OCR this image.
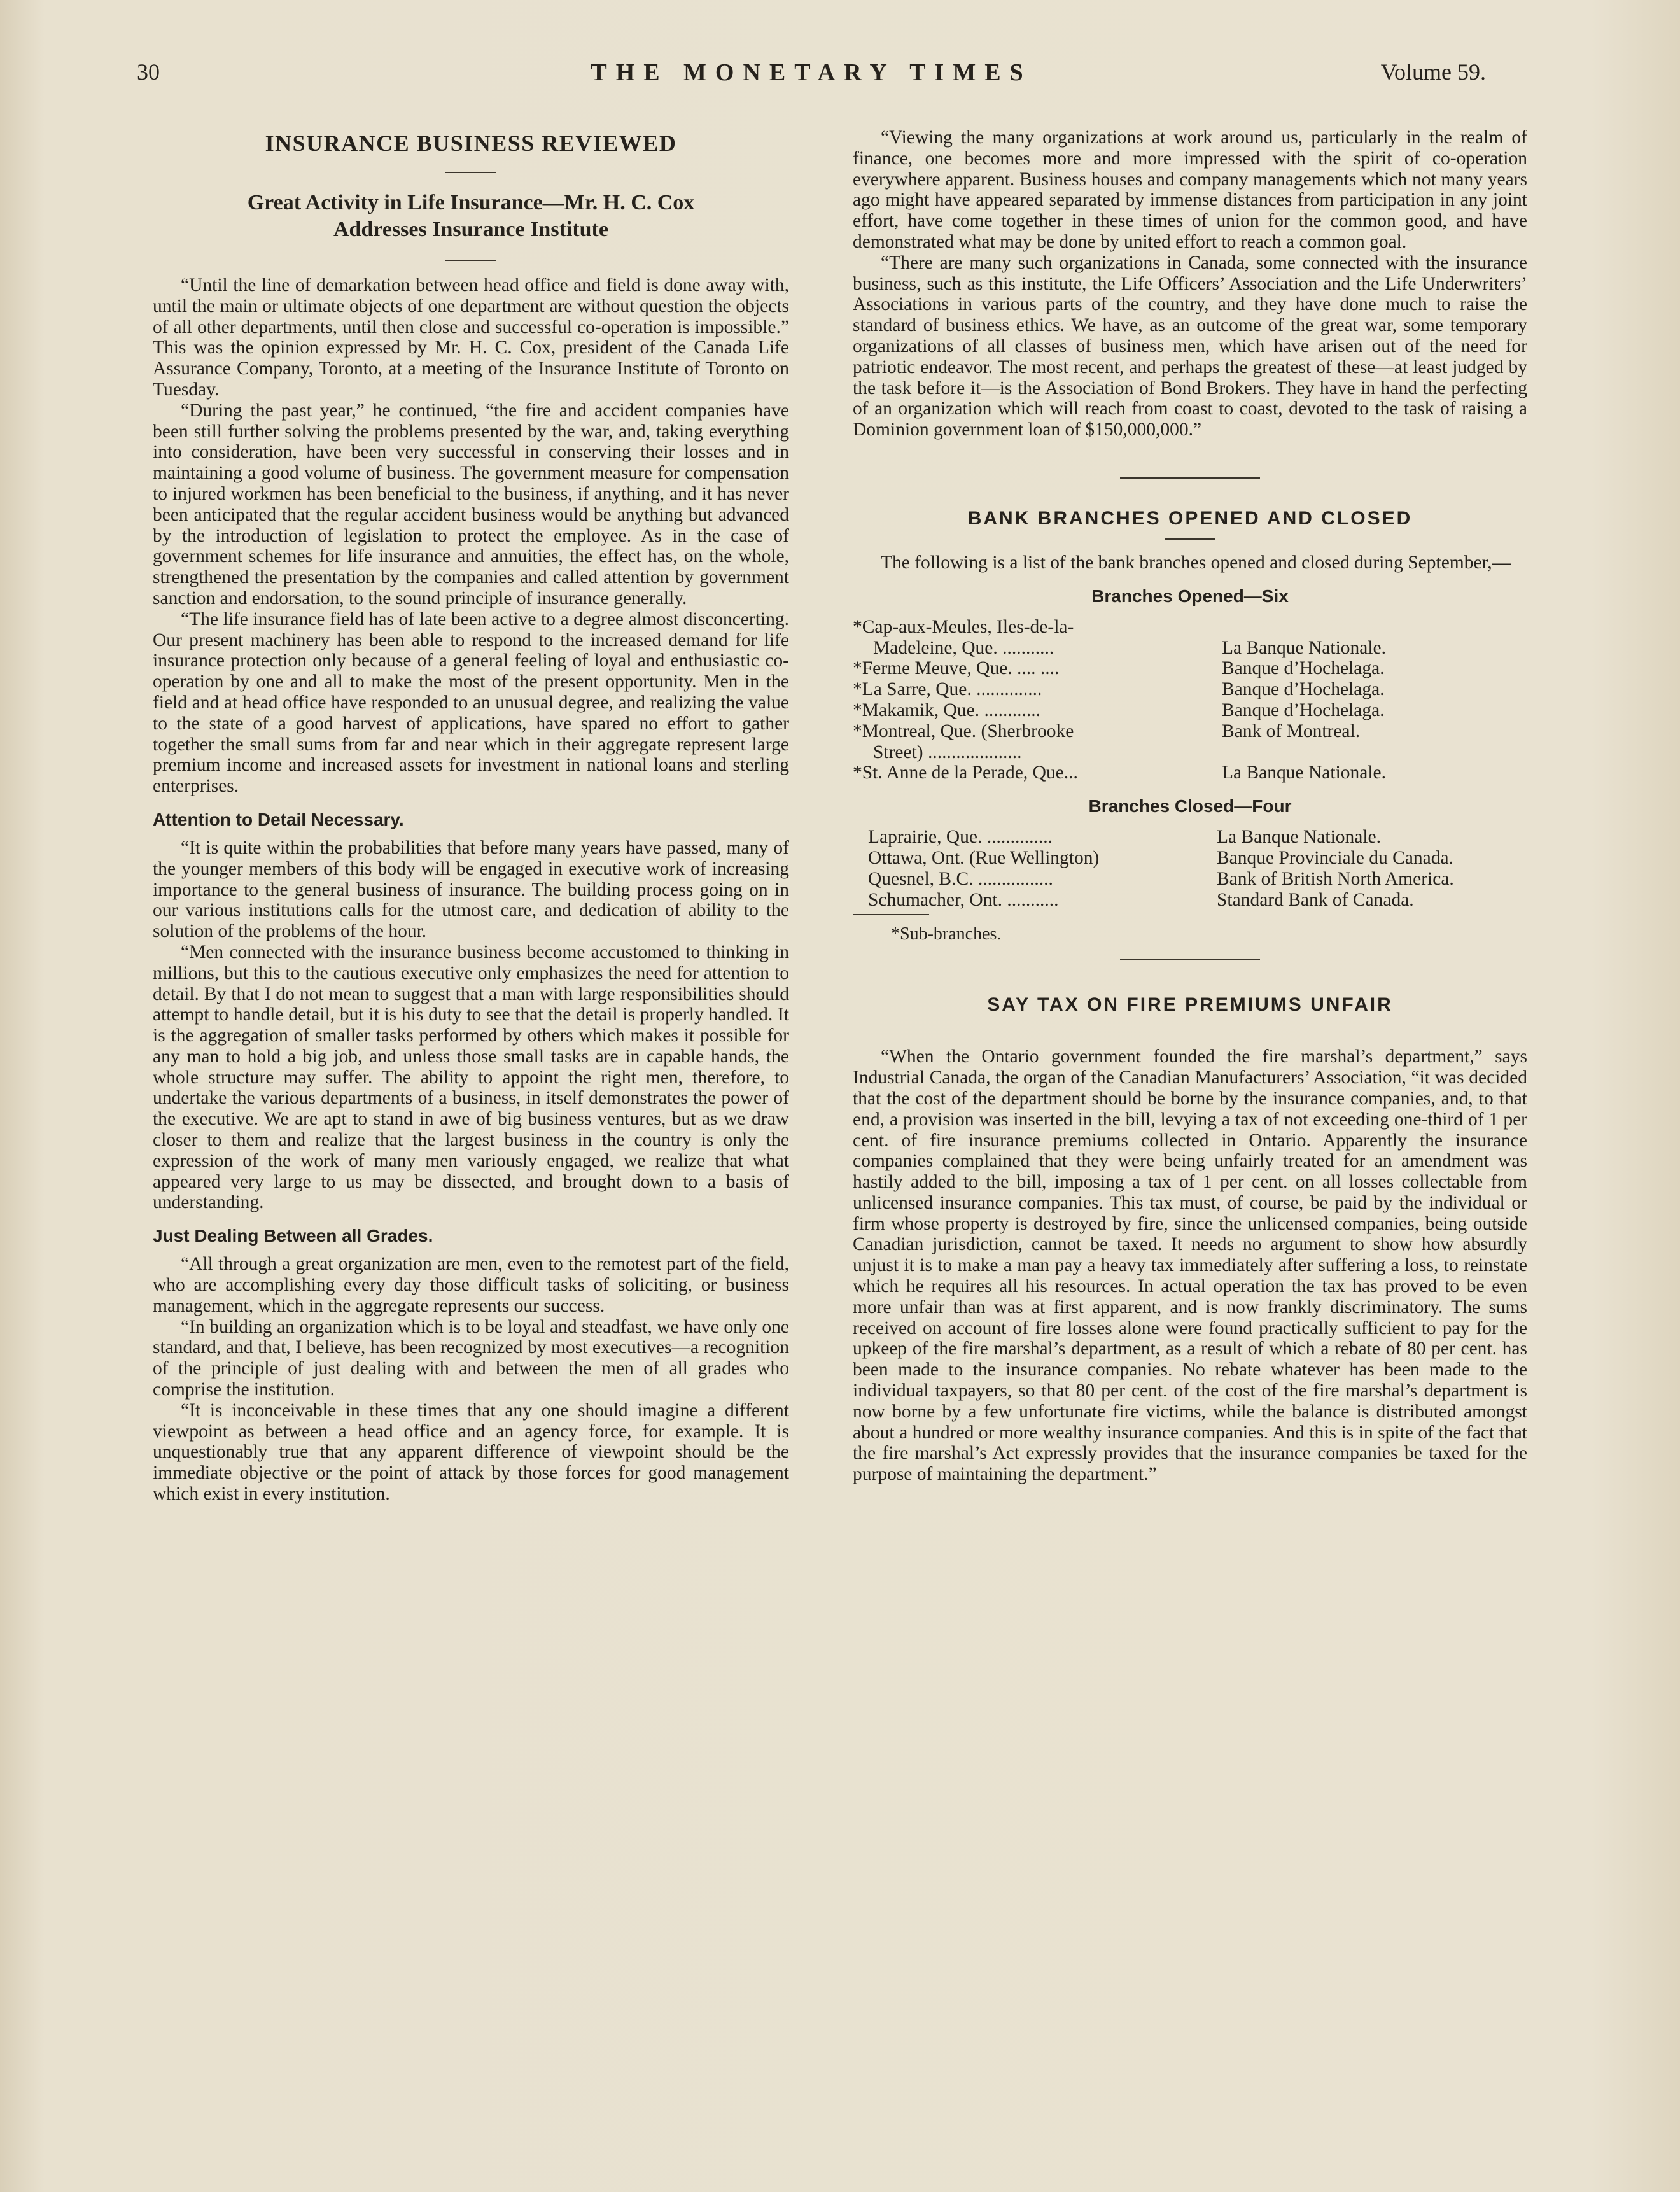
30	THE MONETARY TIMES	Volume 59.
INSURANCE BUSINESS REVIEWED
Great Activity in Life Insurance—Mr. H. C. Cox
Addresses Insurance Institute

“Until the line of demarkation between head office and field is done away with, until the main or ultimate objects of one department are without question the objects of all other departments, until then close and successful co-operation is impossible.” This was the opinion expressed by Mr. H. C. Cox, president of the Canada Life Assurance Company, Toronto, at a meeting of the Insurance Institute of Toronto on Tuesday.

“During the past year,” he continued, “the fire and accident companies have been still further solving the problems presented by the war, and, taking everything into consideration, have been very successful in conserving their losses and in maintaining a good volume of business. The government measure for compensation to injured workmen has been beneficial to the business, if anything, and it has never been anticipated that the regular accident business would be anything but advanced by the introduction of legislation to protect the employee. As in the case of government schemes for life insurance and annuities, the effect has, on the whole, strengthened the presentation by the companies and called attention by government sanction and endorsation, to the sound principle of insurance generally.

“The life insurance field has of late been active to a degree almost disconcerting. Our present machinery has been able to respond to the increased demand for life insurance protection only because of a general feeling of loyal and enthusiastic co-operation by one and all to make the most of the present opportunity. Men in the field and at head office have responded to an unusual degree, and realizing the value to the state of a good harvest of applications, have spared no effort to gather together the small sums from far and near which in their aggregate represent large premium income and increased assets for investment in national loans and sterling enterprises.

Attention to Detail Necessary.

“It is quite within the probabilities that before many years have passed, many of the younger members of this body will be engaged in executive work of increasing importance to the general business of insurance. The building process going on in our various institutions calls for the utmost care, and dedication of ability to the solution of the problems of the hour.

“Men connected with the insurance business become accustomed to thinking in millions, but this to the cautious executive only emphasizes the need for attention to detail. By that I do not mean to suggest that a man with large responsibilities should attempt to handle detail, but it is his duty to see that the detail is properly handled. It is the aggregation of smaller tasks performed by others which makes it possible for any man to hold a big job, and unless those small tasks are in capable hands, the whole structure may suffer. The ability to appoint the right men, therefore, to undertake the various departments of a business, in itself demonstrates the power of the executive. We are apt to stand in awe of big business ventures, but as we draw closer to them and realize that the largest business in the country is only the expression of the work of many men variously engaged, we realize that what appeared very large to us may be dissected, and brought down to a basis of understanding.

Just Dealing Between all Grades.

“All through a great organization are men, even to the remotest part of the field, who are accomplishing every day those difficult tasks of soliciting, or business management, which in the aggregate represents our success.

“In building an organization which is to be loyal and steadfast, we have only one standard, and that, I believe, has been recognized by most executives—a recognition of the principle of just dealing with and between the men of all grades who comprise the institution.

“It is inconceivable in these times that any one should imagine a different viewpoint as between a head office and an agency force, for example. It is unquestionably true that any apparent difference of viewpoint should be the immediate objective or the point of attack by those forces for good management which exist in every institution.

“Viewing the many organizations at work around us, particularly in the realm of finance, one becomes more and more impressed with the spirit of co-operation everywhere apparent. Business houses and company managements which not many years ago might have appeared separated by immense distances from participation in any joint effort, have come together in these times of union for the common good, and have demonstrated what may be done by united effort to reach a common goal.

“There are many such organizations in Canada, some connected with the insurance business, such as this institute, the Life Officers’ Association and the Life Underwriters’ Associations in various parts of the country, and they have done much to raise the standard of business ethics. We have, as an outcome of the great war, some temporary organizations of all classes of business men, which have arisen out of the need for patriotic endeavor. The most recent, and perhaps the greatest of these—at least judged by the task before it—is the Association of Bond Brokers. They have in hand the perfecting of an organization which will reach from coast to coast, devoted to the task of raising a Dominion government loan of $150,000,000.”

BANK BRANCHES OPENED AND CLOSED

The following is a list of the bank branches opened and closed during September,—

Branches Opened—Six
*Cap-aux-Meules, Iles-de-la-	
Madeleine, Que. ...........	La Banque Nationale.
*Ferme Meuve, Que. .... ....	Banque d’Hochelaga.
*La Sarre, Que. ..............	Banque d’Hochelaga.
*Makamik, Que. ............	Banque d’Hochelaga.
*Montreal, Que. (Sherbrooke	Bank of Montreal.
Street) ....................	
*St. Anne de la Perade, Que...	La Banque Nationale.
Branches Closed—Four
Laprairie, Que. ..............	La Banque Nationale.
Ottawa, Ont. (Rue Wellington)	Banque Provinciale du Canada.
Quesnel, B.C. ................	Bank of British North America.
Schumacher, Ont. ...........	Standard Bank of Canada.
*Sub-branches.
SAY TAX ON FIRE PREMIUMS UNFAIR

“When the Ontario government founded the fire marshal’s department,” says Industrial Canada, the organ of the Canadian Manufacturers’ Association, “it was decided that the cost of the department should be borne by the insurance companies, and, to that end, a provision was inserted in the bill, levying a tax of not exceeding one-third of 1 per cent. of fire insurance premiums collected in Ontario. Apparently the insurance companies complained that they were being unfairly treated for an amendment was hastily added to the bill, imposing a tax of 1 per cent. on all losses collectable from unlicensed insurance companies. This tax must, of course, be paid by the individual or firm whose property is destroyed by fire, since the unlicensed companies, being outside Canadian jurisdiction, cannot be taxed. It needs no argument to show how absurdly unjust it is to make a man pay a heavy tax immediately after suffering a loss, to reinstate which he requires all his resources. In actual operation the tax has proved to be even more unfair than was at first apparent, and is now frankly discriminatory. The sums received on account of fire losses alone were found practically sufficient to pay for the upkeep of the fire marshal’s department, as a result of which a rebate of 80 per cent. has been made to the insurance companies. No rebate whatever has been made to the individual taxpayers, so that 80 per cent. of the cost of the fire marshal’s department is now borne by a few unfortunate fire victims, while the balance is distributed amongst about a hundred or more wealthy insurance companies. And this is in spite of the fact that the fire marshal’s Act expressly provides that the insurance companies be taxed for the purpose of maintaining the department.”
